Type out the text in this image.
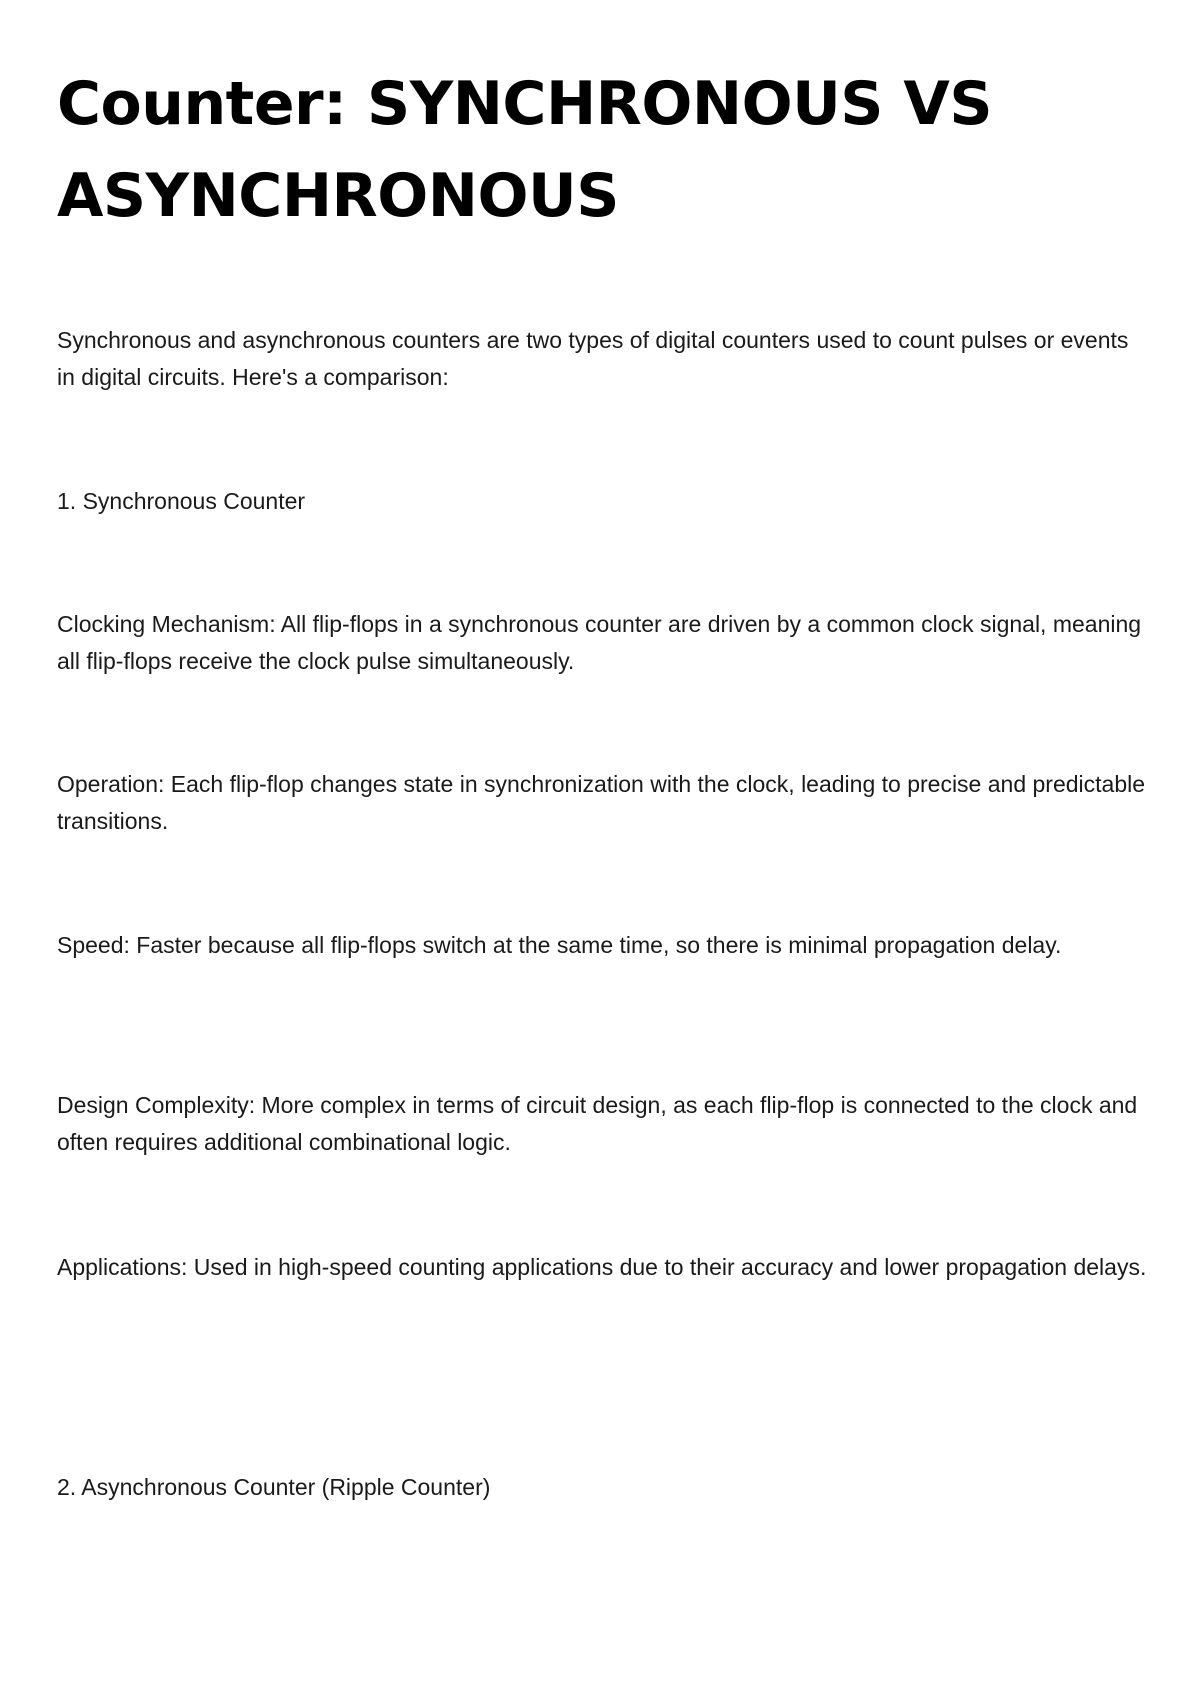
Counter: SYNCHRONOUS VS ASYNCHRONOUS

Synchronous and asynchronous counters are two types of digital counters used to count pulses or events in digital circuits. Here's a comparison:

1. Synchronous Counter

Clocking Mechanism: All flip-flops in a synchronous counter are driven by a common clock signal, meaning all flip-flops receive the clock pulse simultaneously.

Operation: Each flip-flop changes state in synchronization with the clock, leading to precise and predictable transitions.

Speed: Faster because all flip-flops switch at the same time, so there is minimal propagation delay.

Design Complexity: More complex in terms of circuit design, as each flip-flop is connected to the clock and often requires additional combinational logic.

Applications: Used in high-speed counting applications due to their accuracy and lower propagation delays.

2. Asynchronous Counter (Ripple Counter)
